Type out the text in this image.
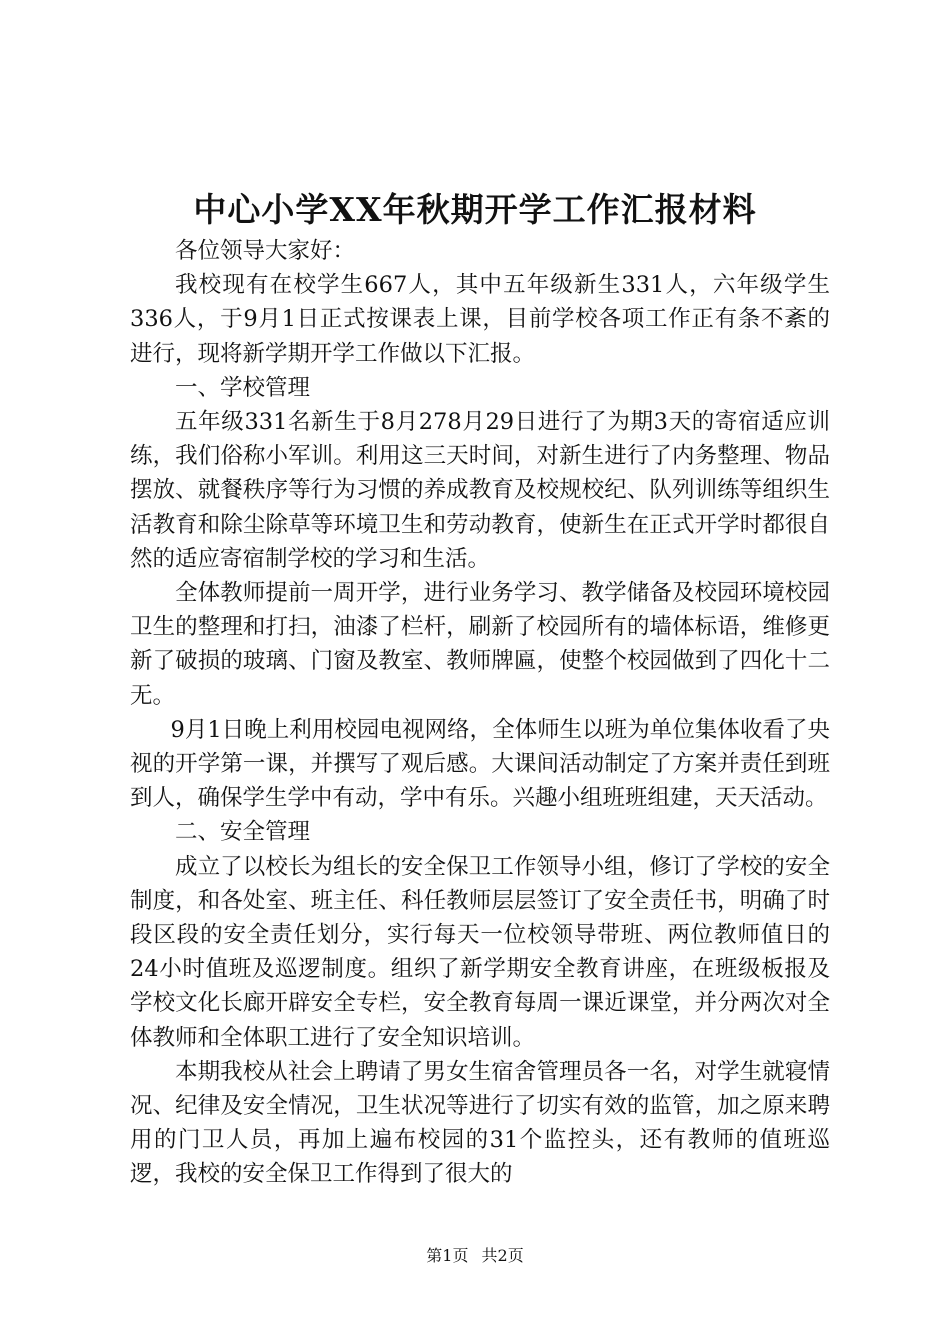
中心小学XX年秋期开学工作汇报材料

各位领导大家好：

我校现有在校学生667人，其中五年级新生331人，六年级学生336人，于9月1日正式按课表上课，目前学校各项工作正有条不紊的进行，现将新学期开学工作做以下汇报。

一、学校管理

五年级331名新生于8月278月29日进行了为期3天的寄宿适应训练，我们俗称小军训。利用这三天时间，对新生进行了内务整理、物品摆放、就餐秩序等行为习惯的养成教育及校规校纪、队列训练等组织生活教育和除尘除草等环境卫生和劳动教育，使新生在正式开学时都很自然的适应寄宿制学校的学习和生活。

全体教师提前一周开学，进行业务学习、教学储备及校园环境校园卫生的整理和打扫，油漆了栏杆，刷新了校园所有的墙体标语，维修更新了破损的玻璃、门窗及教室、教师牌匾，使整个校园做到了四化十二无。

9月1日晚上利用校园电视网络，全体师生以班为单位集体收看了央视的开学第一课，并撰写了观后感。大课间活动制定了方案并责任到班到人，确保学生学中有动，学中有乐。兴趣小组班班组建，天天活动。

二、安全管理

成立了以校长为组长的安全保卫工作领导小组，修订了学校的安全制度，和各处室、班主任、科任教师层层签订了安全责任书，明确了时段区段的安全责任划分，实行每天一位校领导带班、两位教师值日的24小时值班及巡逻制度。组织了新学期安全教育讲座，在班级板报及学校文化长廊开辟安全专栏，安全教育每周一课近课堂，并分两次对全体教师和全体职工进行了安全知识培训。

本期我校从社会上聘请了男女生宿舍管理员各一名，对学生就寝情况、纪律及安全情况，卫生状况等进行了切实有效的监管，加之原来聘用的门卫人员，再加上遍布校园的31个监控头，还有教师的值班巡逻，我校的安全保卫工作得到了很大的

第1页 共2页
